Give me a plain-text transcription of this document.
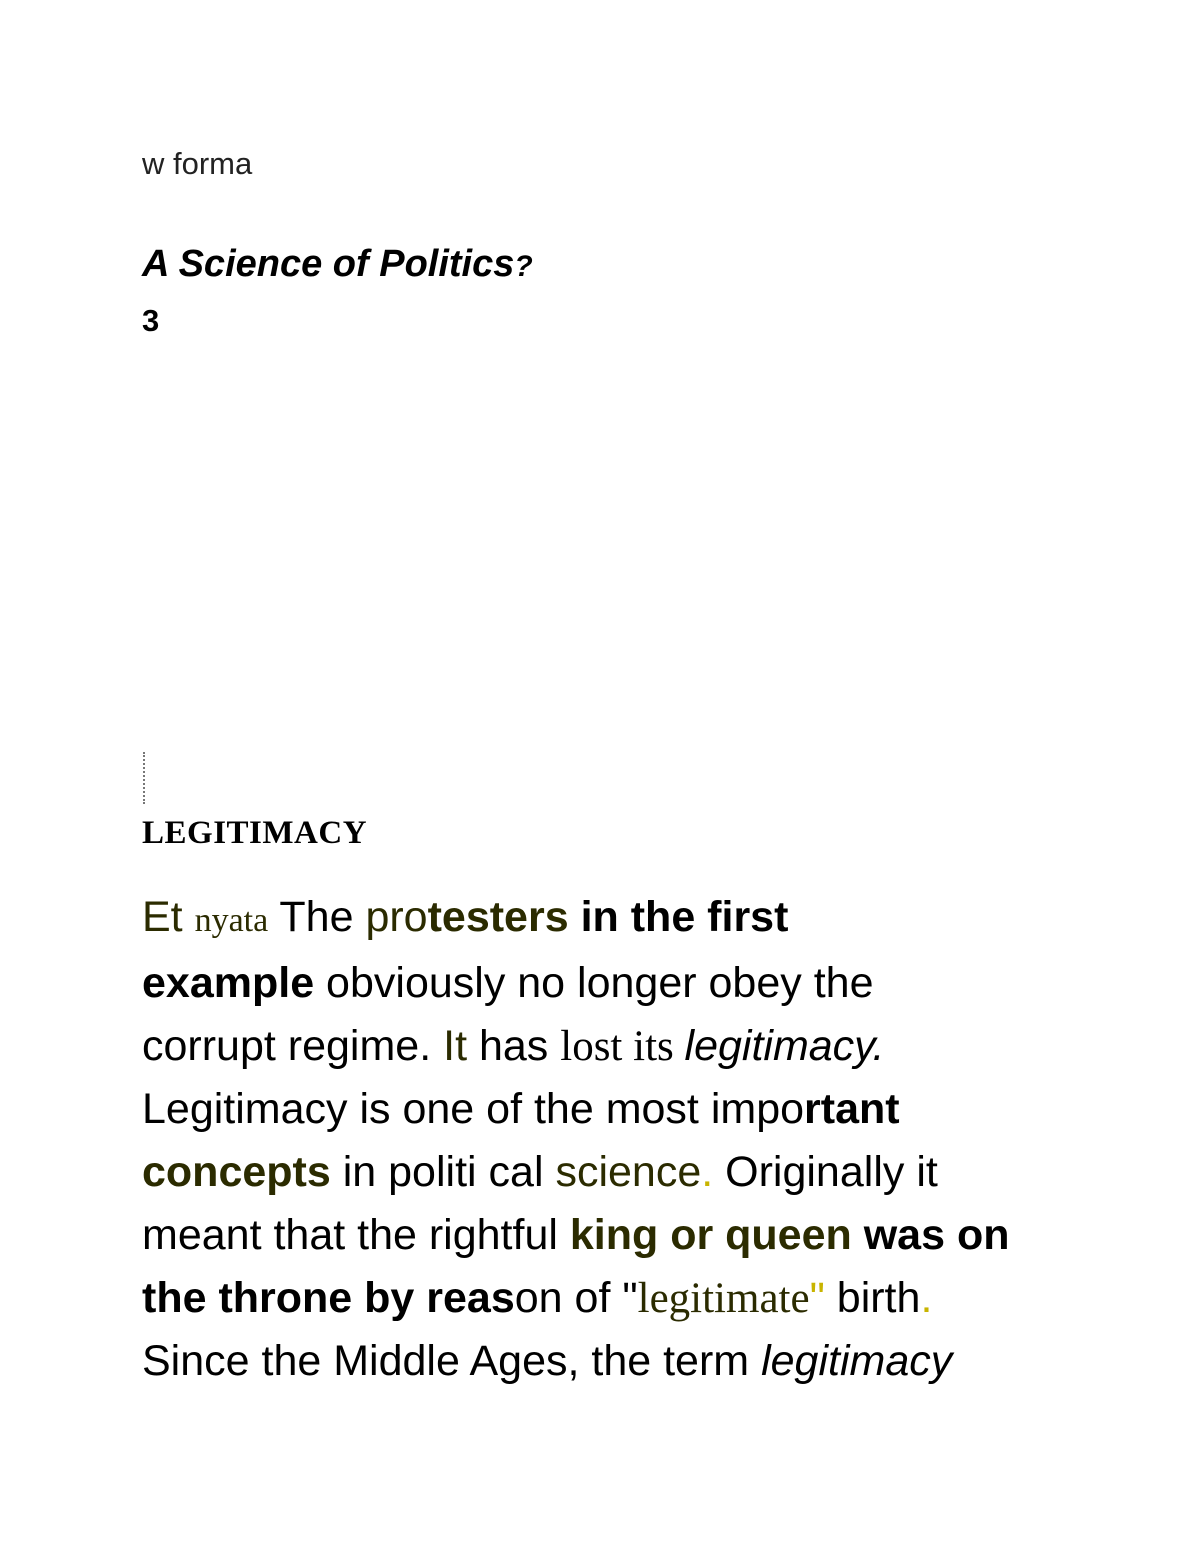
w forma
A Science of Politics?
3
LEGITIMACY
Et nyata The protesters in the first
example obviously no longer obey the
corrupt regime. It has lost its legitimacy.
Legitimacy is one of the most important
concepts in politi cal science. Originally it
meant that the rightful king or queen was on
the throne by reason of "legitimate" birth.
Since the Middle Ages, the term legitimacy
